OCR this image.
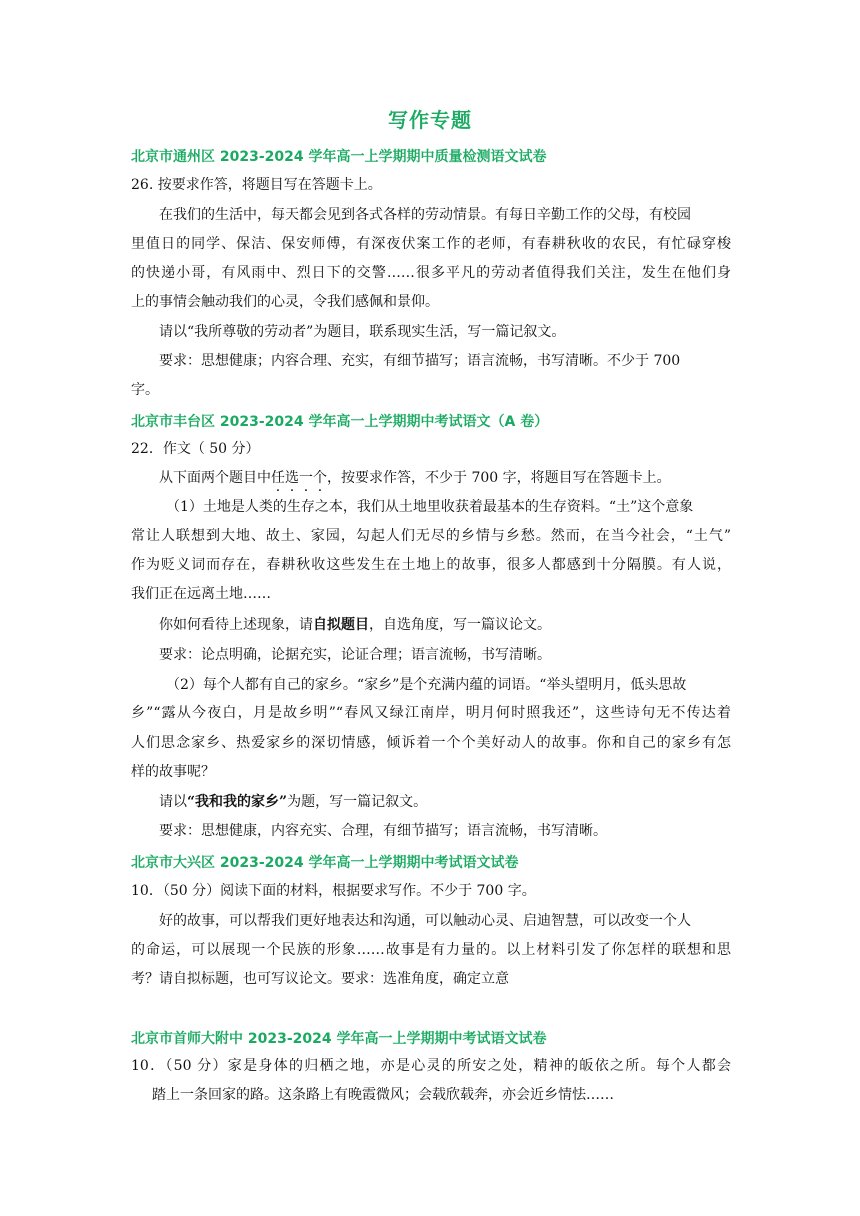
写作专题
北京市通州区 2023-2024 学年高一上学期期中质量检测语文试卷
26. 按要求作答，将题目写在答题卡上。
在我们的生活中，每天都会见到各式各样的劳动情景。有每日辛勤工作的父母，有校园
里值日的同学、保洁、保安师傅，有深夜伏案工作的老师，有春耕秋收的农民，有忙碌穿梭
的快递小哥，有风雨中、烈日下的交警……很多平凡的劳动者值得我们关注，发生在他们身
上的事情会触动我们的心灵，令我们感佩和景仰。
请以“我所尊敬的劳动者”为题目，联系现实生活，写一篇记叙文。
要求：思想健康；内容合理、充实，有细节描写；语言流畅，书写清晰。不少于 700
字。
北京市丰台区 2023-2024 学年高一上学期期中考试语文（A 卷）
22．作文（ 50 分）
从下面两个题目中任选一个，按要求作答，不少于 700 字，将题目写在答题卡上。
（1）土地是人类的生存之本，我们从土地里收获着最基本的生存资料。“土”这个意象
常让人联想到大地、故土、家园，勾起人们无尽的乡情与乡愁。然而，在当今社会，“土气”
作为贬义词而存在，春耕秋收这些发生在土地上的故事，很多人都感到十分隔膜。有人说，
我们正在远离土地……
你如何看待上述现象，请自拟题目，自选角度，写一篇议论文。
要求：论点明确，论据充实，论证合理；语言流畅，书写清晰。
（2）每个人都有自己的家乡。“家乡”是个充满内蕴的词语。“举头望明月，低头思故
乡”“露从今夜白，月是故乡明”“春风又绿江南岸，明月何时照我还”，这些诗句无不传达着
人们思念家乡、热爱家乡的深切情感，倾诉着一个个美好动人的故事。你和自己的家乡有怎
样的故事呢？
请以“我和我的家乡”为题，写一篇记叙文。
要求：思想健康，内容充实、合理，有细节描写；语言流畅，书写清晰。
北京市大兴区 2023-2024 学年高一上学期期中考试语文试卷
10．（50 分）阅读下面的材料，根据要求写作。不少于 700 字。
好的故事，可以帮我们更好地表达和沟通，可以触动心灵、启迪智慧，可以改变一个人
的命运，可以展现一个民族的形象……故事是有力量的。以上材料引发了你怎样的联想和思
考？请自拟标题，也可写议论文。要求：选准角度，确定立意
北京市首师大附中 2023-2024 学年高一上学期期中考试语文试卷
10．（50 分）家是身体的归栖之地，亦是心灵的所安之处，精神的皈依之所。每个人都会
踏上一条回家的路。这条路上有晚霞微风；会载欣载奔，亦会近乡情怯……
